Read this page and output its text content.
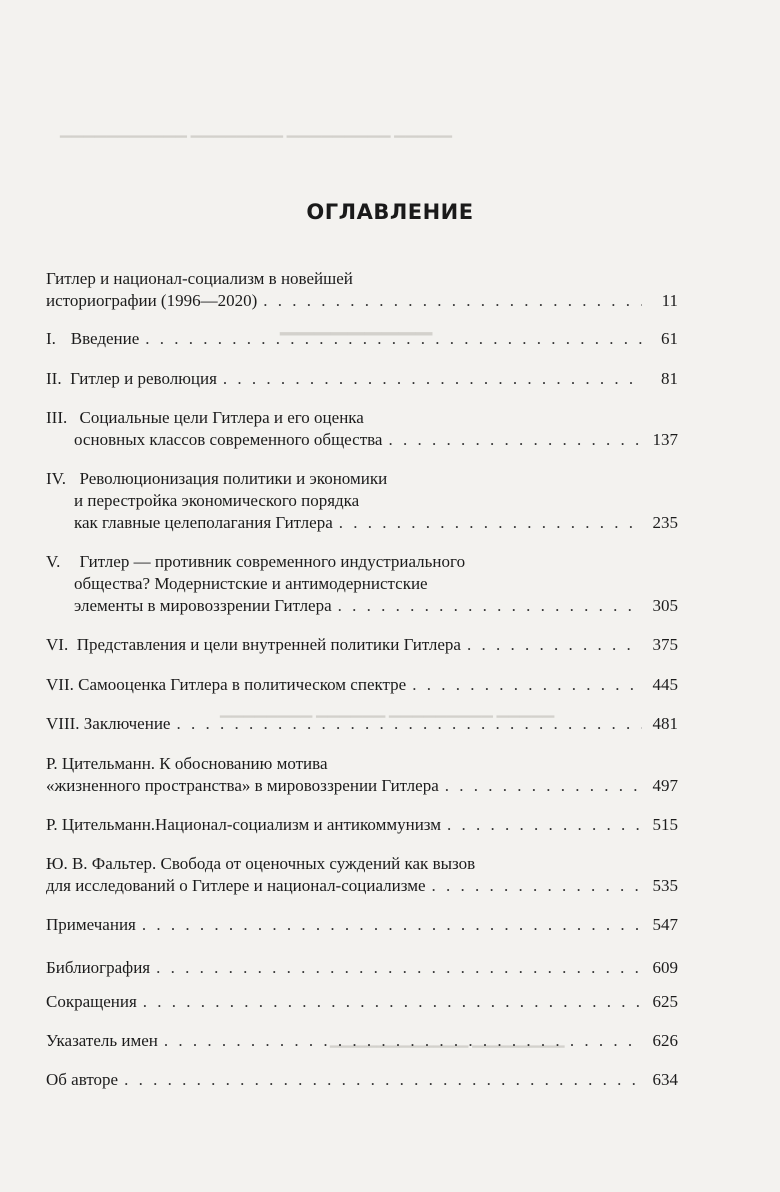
▁▁▁▁▁ ▁▁▁▁▁▁▁▁▁ ▁▁▁▁▁▁▁▁ ▁▁▁▁▁▁▁▁▁▁▁
▁▁▁▁▁▁▁▁▁
▁▁▁▁▁ ▁▁▁▁▁▁▁▁▁ ▁▁▁▁▁▁ ▁▁▁▁▁▁▁▁
▁▁▁▁▁▁▁▁ ▁▁▁▁▁▁▁▁▁▁▁▁
ОГЛАВЛЕНИЕ
Гитлер и национал-социализм в новейшей
историографии (1996—2020) . . .	11
I. Введение . . .	61
II. Гитлер и революция . . .	81
III. Социальные цели Гитлера и его оценка
основных классов современного общества . . .	137
IV. Революционизация политики и экономики
и перестройка экономического порядка
как главные целеполагания Гитлера . . .	235
V. Гитлер — противник современного индустриального
общества? Модернистские и антимодернистские
элементы в мировоззрении Гитлера . . .	305
VI. Представления и цели внутренней политики Гитлера . . .	375
VII. Самооценка Гитлера в политическом спектре . . .	445
VIII. Заключение . . .	481
Р. Цительманн. К обоснованию мотива
«жизненного пространства» в мировоззрении Гитлера . . .	497
Р. Цительманн.Национал-социализм и антикоммунизм . . .	515
Ю. В. Фальтер. Свобода от оценочных суждений как вызов
для исследований о Гитлере и национал-социализме . . .	535
Примечания . . .	547
Библиография . . .	609
Сокращения . . .	625
Указатель имен . . .	626
Об авторе . . .	634
